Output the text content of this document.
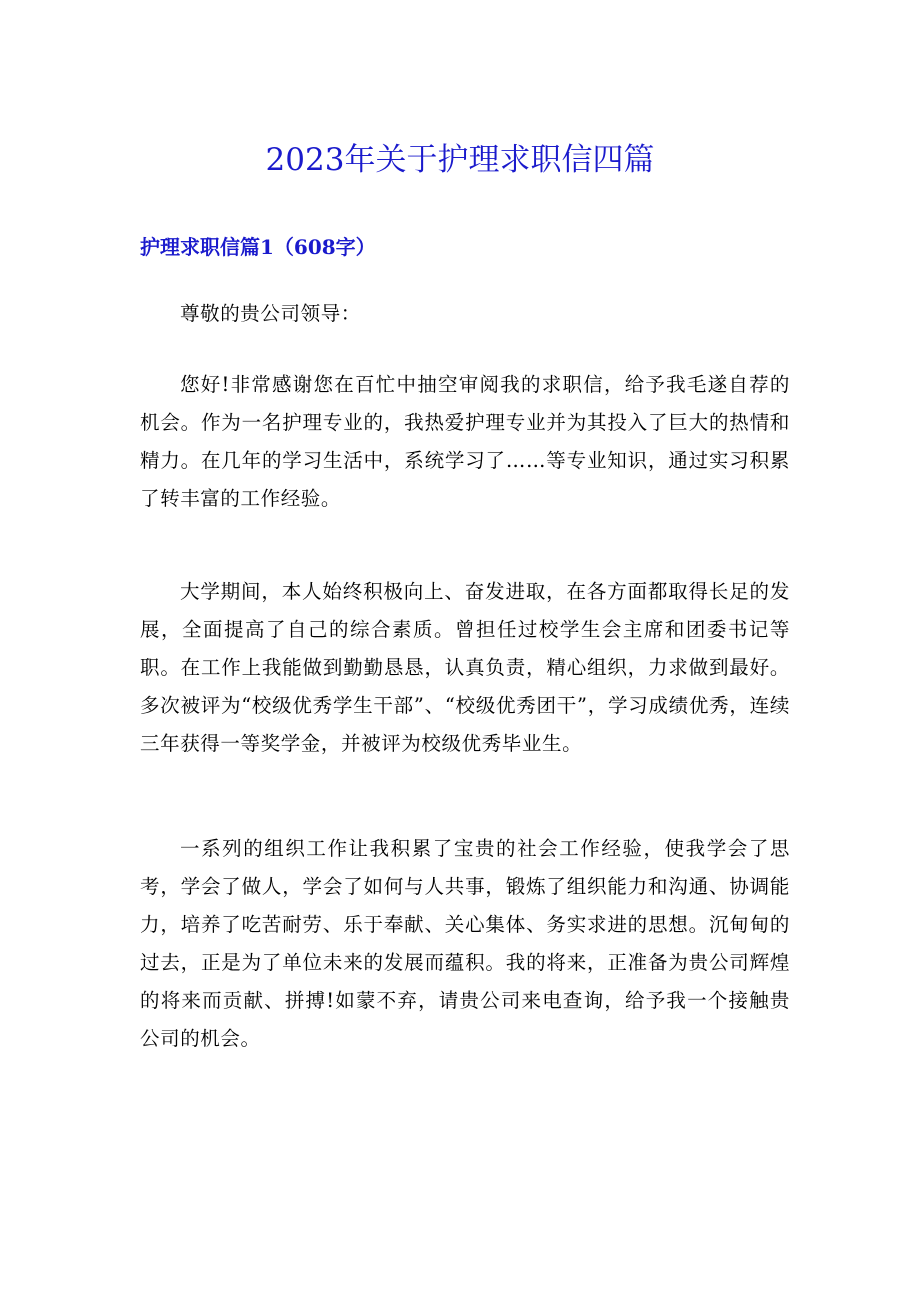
2023年关于护理求职信四篇
护理求职信篇1（608字）

尊敬的贵公司领导：

您好!非常感谢您在百忙中抽空审阅我的求职信，给予我毛遂自荐的机会。作为一名护理专业的，我热爱护理专业并为其投入了巨大的热情和精力。在几年的学习生活中，系统学习了……等专业知识，通过实习积累了转丰富的工作经验。

大学期间，本人始终积极向上、奋发进取，在各方面都取得长足的发展，全面提高了自己的综合素质。曾担任过校学生会主席和团委书记等职。在工作上我能做到勤勤恳恳，认真负责，精心组织，力求做到最好。多次被评为“校级优秀学生干部”、“校级优秀团干”，学习成绩优秀，连续三年获得一等奖学金，并被评为校级优秀毕业生。

一系列的组织工作让我积累了宝贵的社会工作经验，使我学会了思考，学会了做人，学会了如何与人共事，锻炼了组织能力和沟通、协调能力，培养了吃苦耐劳、乐于奉献、关心集体、务实求进的思想。沉甸甸的过去，正是为了单位未来的发展而蕴积。我的将来，正准备为贵公司辉煌的将来而贡献、拼搏!如蒙不弃，请贵公司来电查询，给予我一个接触贵公司的机会。
